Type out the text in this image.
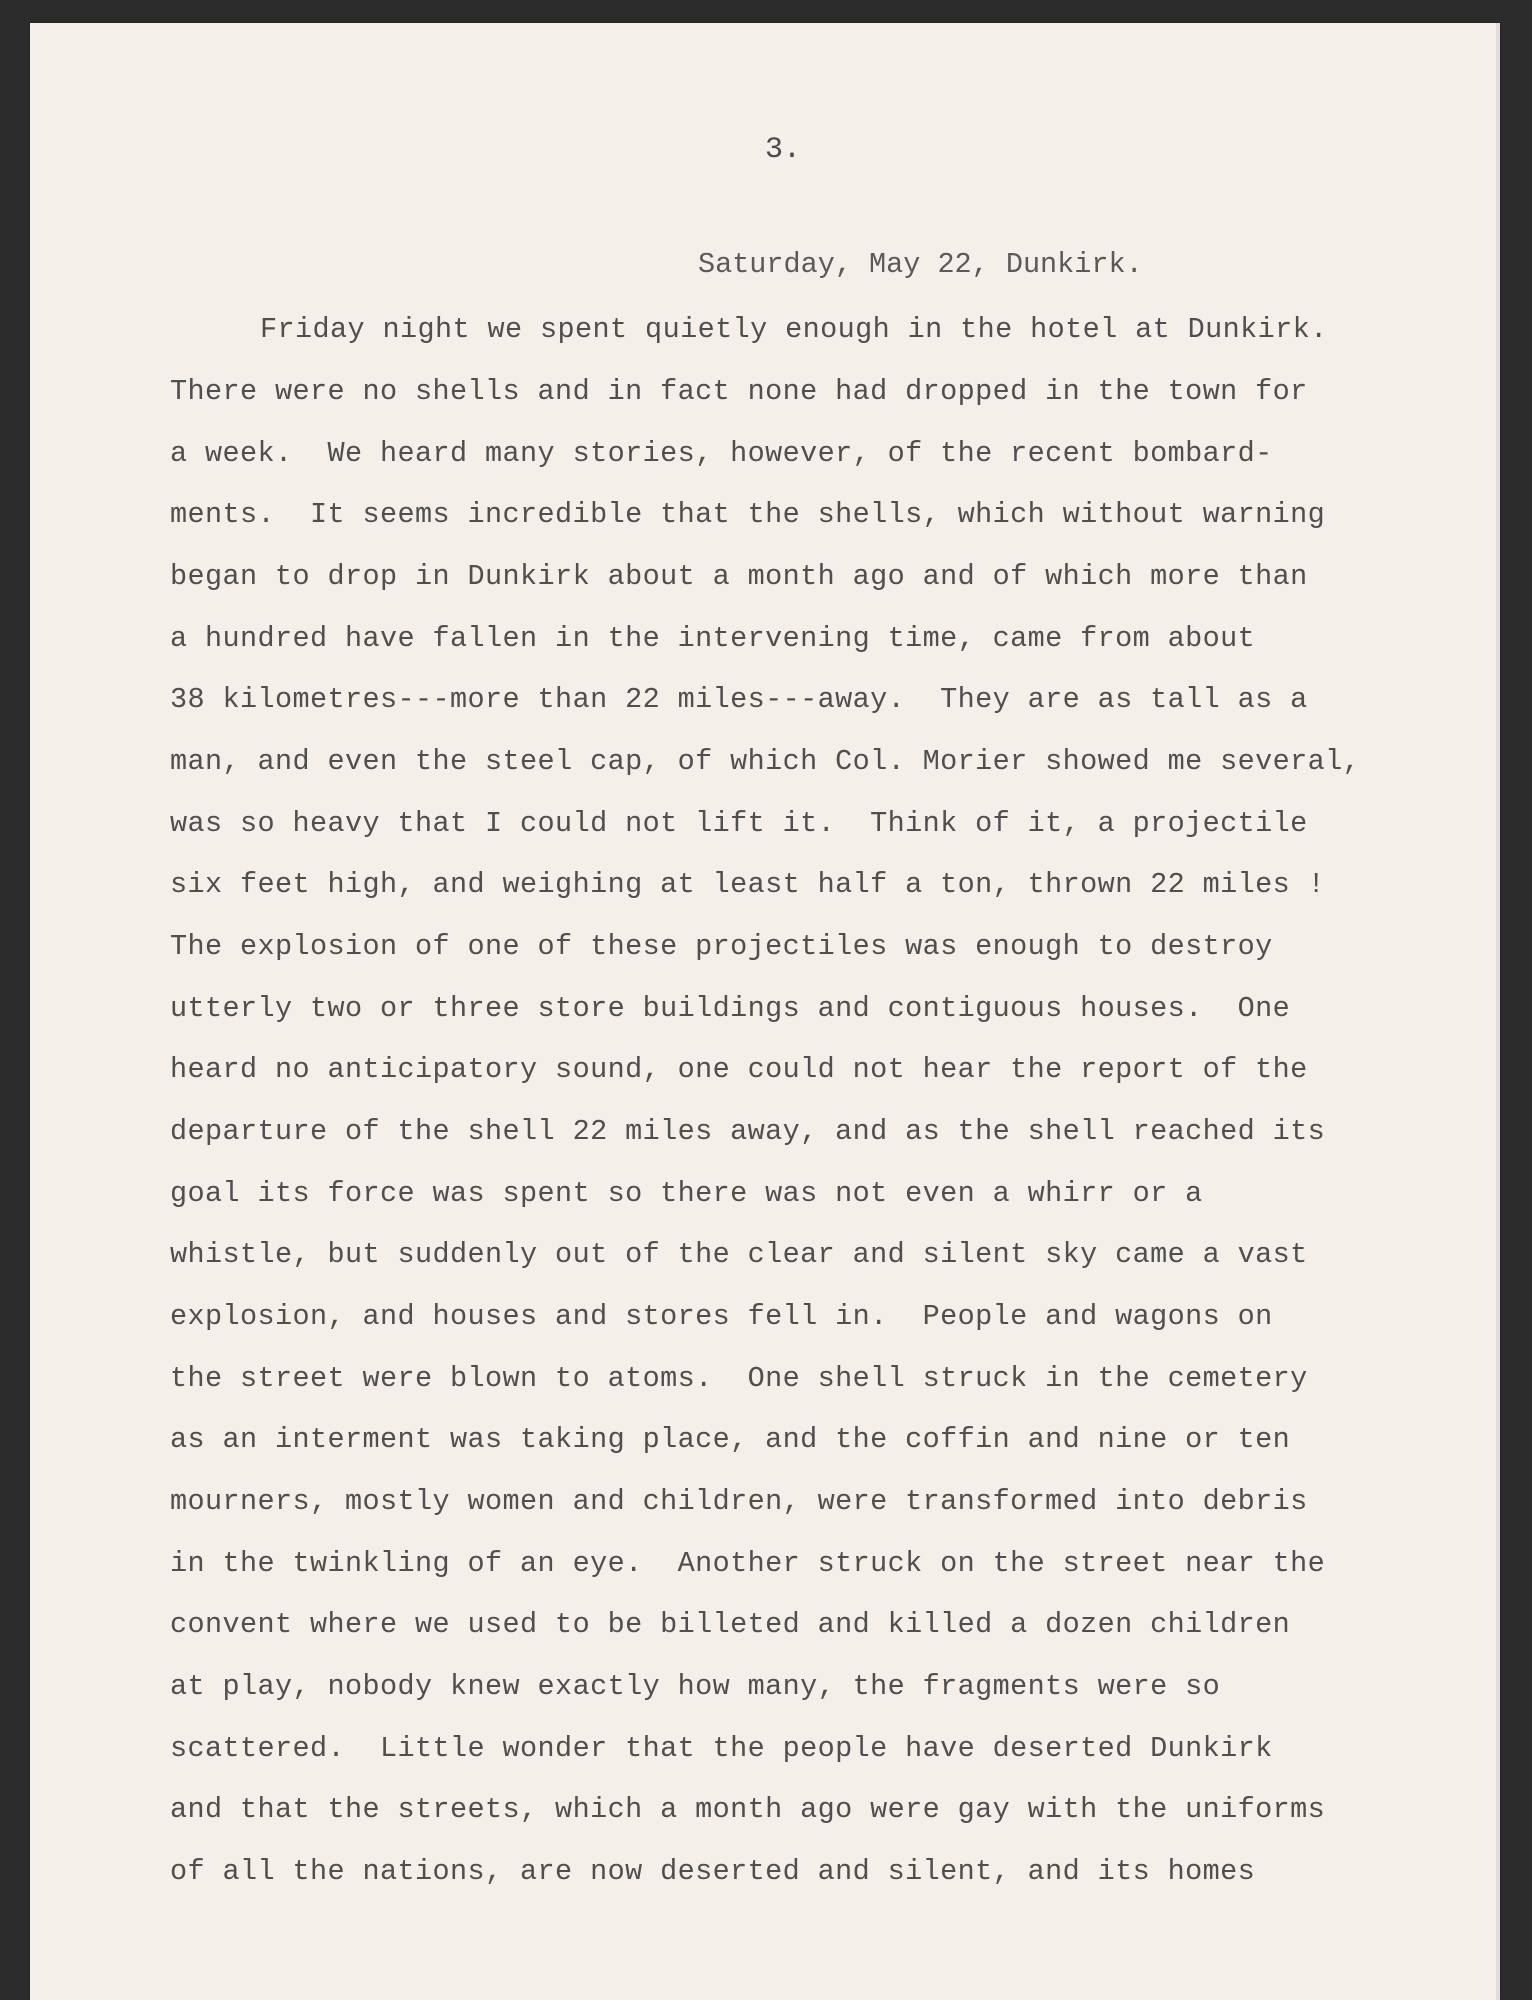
3.
Saturday, May 22, Dunkirk.
Friday night we spent quietly enough in the hotel at Dunkirk.
There were no shells and in fact none had dropped in the town for
a week.  We heard many stories, however, of the recent bombard-
ments.  It seems incredible that the shells, which without warning
began to drop in Dunkirk about a month ago and of which more than
a hundred have fallen in the intervening time, came from about
38 kilometres---more than 22 miles---away.  They are as tall as a
man, and even the steel cap, of which Col. Morier showed me several,
was so heavy that I could not lift it.  Think of it, a projectile
six feet high, and weighing at least half a ton, thrown 22 miles !
The explosion of one of these projectiles was enough to destroy
utterly two or three store buildings and contiguous houses.  One
heard no anticipatory sound, one could not hear the report of the
departure of the shell 22 miles away, and as the shell reached its
goal its force was spent so there was not even a whirr or a
whistle, but suddenly out of the clear and silent sky came a vast
explosion, and houses and stores fell in.  People and wagons on
the street were blown to atoms.  One shell struck in the cemetery
as an interment was taking place, and the coffin and nine or ten
mourners, mostly women and children, were transformed into debris
in the twinkling of an eye.  Another struck on the street near the
convent where we used to be billeted and killed a dozen children
at play, nobody knew exactly how many, the fragments were so
scattered.  Little wonder that the people have deserted Dunkirk
and that the streets, which a month ago were gay with the uniforms
of all the nations, are now deserted and silent, and its homes
